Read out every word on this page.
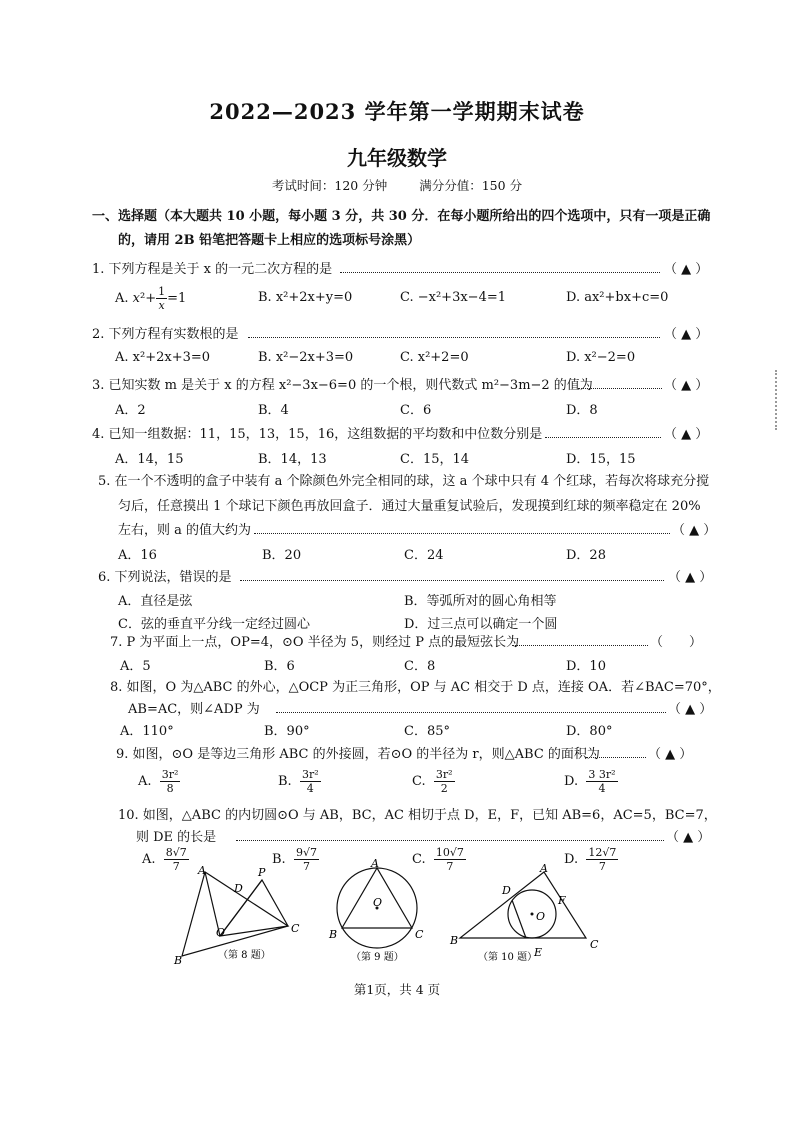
2022—2023 学年第一学期期末试卷
九年级数学
考试时间：120 分钟	满分分值：150 分
一、选择题（本大题共 10 小题，每小题 3 分，共 30 分．在每小题所给出的四个选项中，只有一项是正确
的，请用 2B 铅笔把答题卡上相应的选项标号涂黑）
1. 下列方程是关于 x 的一元二次方程的是	（ ▲ ）
A. $x^2+ \frac{1}{x} =1$	B. x²+2x+y=0	C. −x²+3x−4=1	D. ax²+bx+c=0
2. 下列方程有实数根的是	（ ▲ ）
A. x²+2x+3=0	B. x²−2x+3=0	C. x²+2=0	D. x²−2=0
3. 已知实数 m 是关于 x 的方程 x²−3x−6=0 的一个根，则代数式 m²−3m−2 的值为	（ ▲ ）
A．2	B．4	C．6	D．8
4. 已知一组数据：11，15，13，15，16，这组数据的平均数和中位数分别是	（ ▲ ）
A．14，15	B．14，13	C．15，14	D．15，15
5. 在一个不透明的盒子中装有 a 个除颜色外完全相同的球，这 a 个球中只有 4 个红球，若每次将球充分搅
匀后，任意摸出 1 个球记下颜色再放回盒子．通过大量重复试验后，发现摸到红球的频率稳定在 20%
左右，则 a 的值大约为	（ ▲ ）
A．16	B．20	C．24	D．28
6. 下列说法，错误的是	（ ▲ ）
A．直径是弦	B．等弧所对的圆心角相等
C．弦的垂直平分线一定经过圆心	D．过三点可以确定一个圆
7. P 为平面上一点，OP=4，⊙O 半径为 5，则经过 P 点的最短弦长为	（　　）
A．5	B．6	C．8	D．10
8. 如图，O 为△ABC 的外心，△OCP 为正三角形，OP 与 AC 相交于 D 点，连接 OA．若∠BAC=70°，
AB=AC，则∠ADP 为	（ ▲ ）
A．110°	B．90°	C．85°	D．80°
9. 如图，⊙O 是等边三角形 ABC 的外接圆，若⊙O 的半径为 r，则△ABC 的面积为	（ ▲ ）
A. $\frac{\text{3r²}}{8}$	B. $\frac{\text{3r²}}{4}$	C. $\frac{\text{3r²}}{2}$	D. $\frac{\text{3 3r²}}{4}$
10. 如图，△ABC 的内切圆⊙O 与 AB，BC，AC 相切于点 D，E，F，已知 AB=6，AC=5，BC=7，
则 DE 的长是	（ ▲ ）
A. $\frac{8√7}{7}$	B. $\frac{9√7}{7}$	C. $\frac{10√7}{7}$	D. $\frac{12√7}{7}$
A
B
C
D
P
O
（第 8 题）
A
B	C
O
（第 9 题）
A
B	C
D
E
F
O
（第 10 题）
第1页，共 4 页
